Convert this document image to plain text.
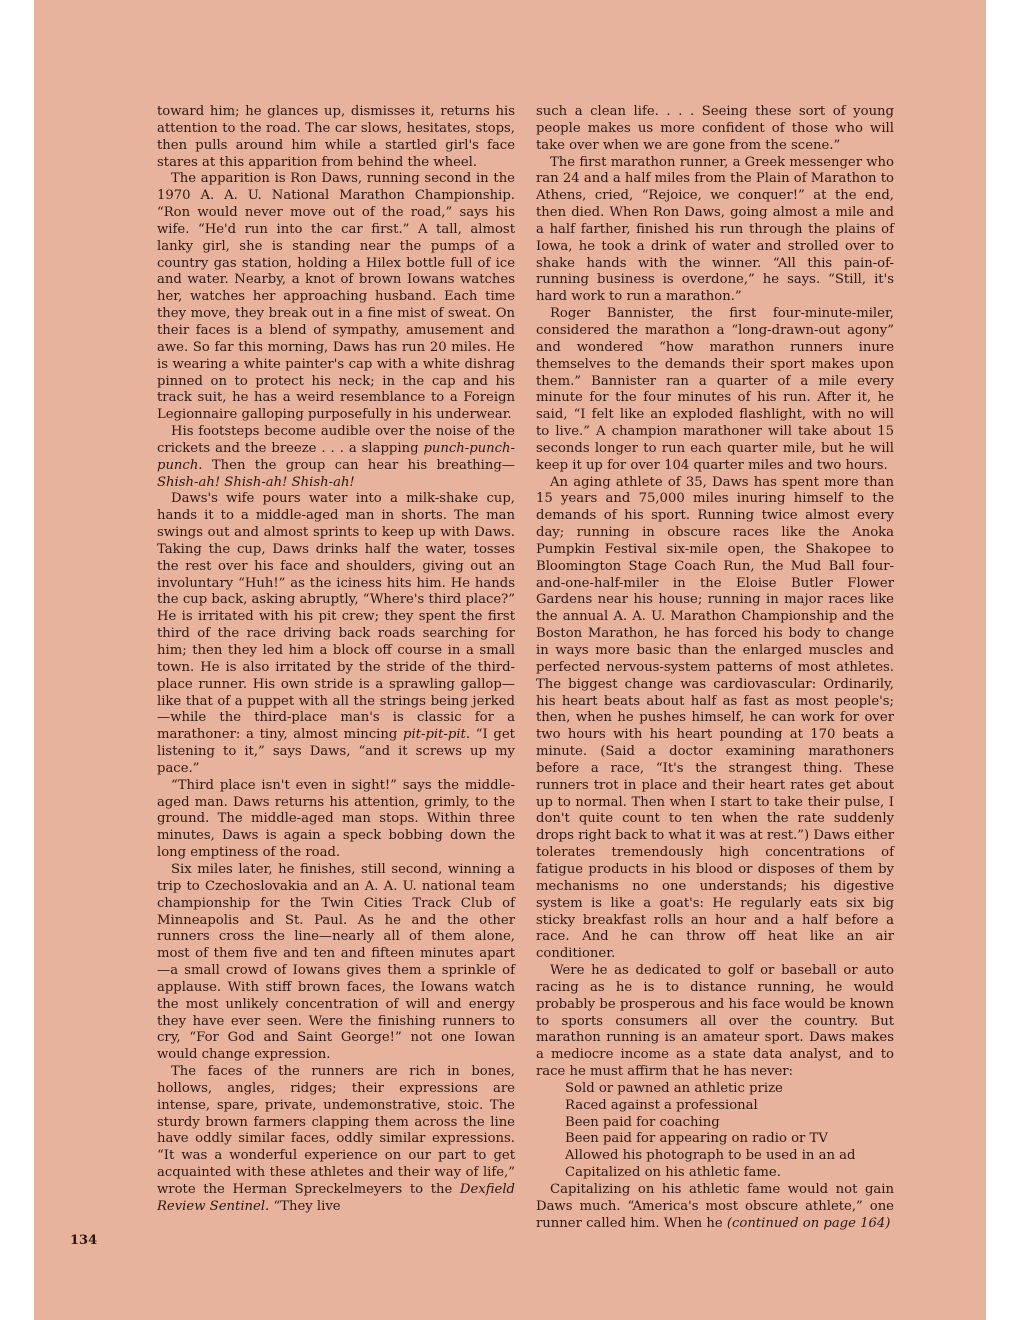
toward him; he glances up, dismisses it, returns his attention to the road. The car slows, hesitates, stops, then pulls around him while a startled girl's face stares at this apparition from behind the wheel.

The apparition is Ron Daws, running second in the 1970 A. A. U. National Marathon Championship. “Ron would never move out of the road,” says his wife. “He'd run into the car first.” A tall, almost lanky girl, she is standing near the pumps of a country gas station, holding a Hilex bottle full of ice and water. Nearby, a knot of brown Iowans watches her, watches her approaching husband. Each time they move, they break out in a fine mist of sweat. On their faces is a blend of sympathy, amusement and awe. So far this morning, Daws has run 20 miles. He is wearing a white painter's cap with a white dishrag pinned on to protect his neck; in the cap and his track suit, he has a weird resemblance to a Foreign Legionnaire galloping purposefully in his underwear.

His footsteps become audible over the noise of the crickets and the breeze . . . a slapping punch-punch-punch. Then the group can hear his breathing—Shish-ah! Shish-ah! Shish-ah!

Daws's wife pours water into a milk-shake cup, hands it to a middle-aged man in shorts. The man swings out and almost sprints to keep up with Daws. Taking the cup, Daws drinks half the water, tosses the rest over his face and shoulders, giving out an involuntary “Huh!” as the iciness hits him. He hands the cup back, asking abruptly, “Where's third place?” He is irritated with his pit crew; they spent the first third of the race driving back roads searching for him; then they led him a block off course in a small town. He is also irritated by the stride of the third-place runner. His own stride is a sprawling gallop—like that of a puppet with all the strings being jerked—while the third-place man's is classic for a marathoner: a tiny, almost mincing pit-pit-pit. “I get listening to it,” says Daws, “and it screws up my pace.”

“Third place isn't even in sight!” says the middle-aged man. Daws returns his attention, grimly, to the ground. The middle-aged man stops. Within three minutes, Daws is again a speck bobbing down the long emptiness of the road.

Six miles later, he finishes, still second, winning a trip to Czechoslovakia and an A. A. U. national team championship for the Twin Cities Track Club of Minneapolis and St. Paul. As he and the other runners cross the line—nearly all of them alone, most of them five and ten and fifteen minutes apart—a small crowd of Iowans gives them a sprinkle of applause. With stiff brown faces, the Iowans watch the most unlikely concentration of will and energy they have ever seen. Were the finishing runners to cry, “For God and Saint George!” not one Iowan would change expression.

The faces of the runners are rich in bones, hollows, angles, ridges; their expressions are intense, spare, private, undemonstrative, stoic. The sturdy brown farmers clapping them across the line have oddly similar faces, oddly similar expressions. “It was a wonderful experience on our part to get acquainted with these athletes and their way of life,” wrote the Herman Spreckelmeyers to the Dexfield Review Sentinel. “They live

such a clean life. . . . Seeing these sort of young people makes us more confident of those who will take over when we are gone from the scene.”

The first marathon runner, a Greek messenger who ran 24 and a half miles from the Plain of Marathon to Athens, cried, “Rejoice, we conquer!” at the end, then died. When Ron Daws, going almost a mile and a half farther, finished his run through the plains of Iowa, he took a drink of water and strolled over to shake hands with the winner. “All this pain-of-running business is overdone,” he says. “Still, it's hard work to run a marathon.”

Roger Bannister, the first four-minute-miler, considered the marathon a “long-drawn-out agony” and wondered “how marathon runners inure themselves to the demands their sport makes upon them.” Bannister ran a quarter of a mile every minute for the four minutes of his run. After it, he said, “I felt like an exploded flashlight, with no will to live.” A champion marathoner will take about 15 seconds longer to run each quarter mile, but he will keep it up for over 104 quarter miles and two hours.

An aging athlete of 35, Daws has spent more than 15 years and 75,000 miles inuring himself to the demands of his sport. Running twice almost every day; running in obscure races like the Anoka Pumpkin Festival six-mile open, the Shakopee to Bloomington Stage Coach Run, the Mud Ball four-and-one-half-miler in the Eloise Butler Flower Gardens near his house; running in major races like the annual A. A. U. Marathon Championship and the Boston Marathon, he has forced his body to change in ways more basic than the enlarged muscles and perfected nervous-system patterns of most athletes. The biggest change was cardiovascular: Ordinarily, his heart beats about half as fast as most people's; then, when he pushes himself, he can work for over two hours with his heart pounding at 170 beats a minute. (Said a doctor examining marathoners before a race, “It's the strangest thing. These runners trot in place and their heart rates get about up to normal. Then when I start to take their pulse, I don't quite count to ten when the rate suddenly drops right back to what it was at rest.”) Daws either tolerates tremendously high concentrations of fatigue products in his blood or disposes of them by mechanisms no one understands; his digestive system is like a goat's: He regularly eats six big sticky breakfast rolls an hour and a half before a race. And he can throw off heat like an air conditioner.

Were he as dedicated to golf or baseball or auto racing as he is to distance running, he would probably be prosperous and his face would be known to sports consumers all over the country. But marathon running is an amateur sport. Daws makes a mediocre income as a state data analyst, and to race he must affirm that he has never:

Sold or pawned an athletic prize
Raced against a professional
Been paid for coaching
Been paid for appearing on radio or TV
Allowed his photograph to be used in an ad
Capitalized on his athletic fame.

Capitalizing on his athletic fame would not gain Daws much. “America's most obscure athlete,” one runner called him. When he (continued on page 164)

134
